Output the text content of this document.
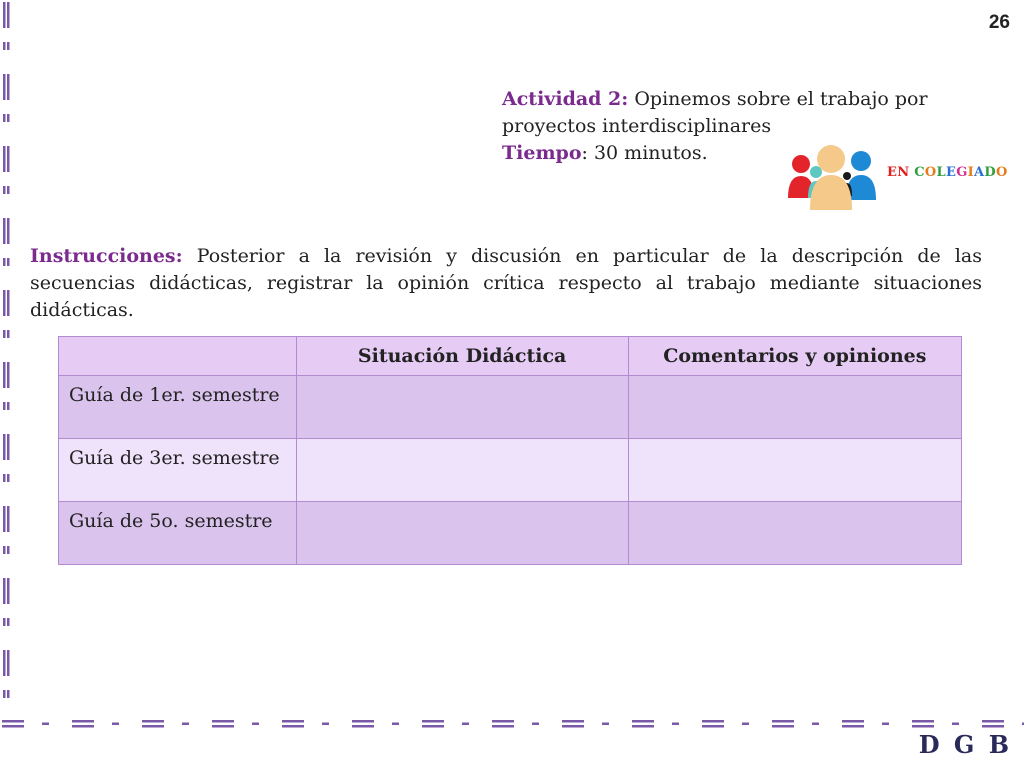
26
Actividad 2: Opinemos sobre el trabajo por proyectos interdisciplinares
Tiempo: 30 minutos.
EN COLEGIADO
Instrucciones: Posterior a la revisión y discusión en particular de la descripción de las secuencias didácticas, registrar la opinión crítica respecto al trabajo mediante situaciones didácticas.
	Situación Didáctica	Comentarios y opiniones
Guía de 1er. semestre		
Guía de 3er. semestre		
Guía de 5o. semestre		
D G B
